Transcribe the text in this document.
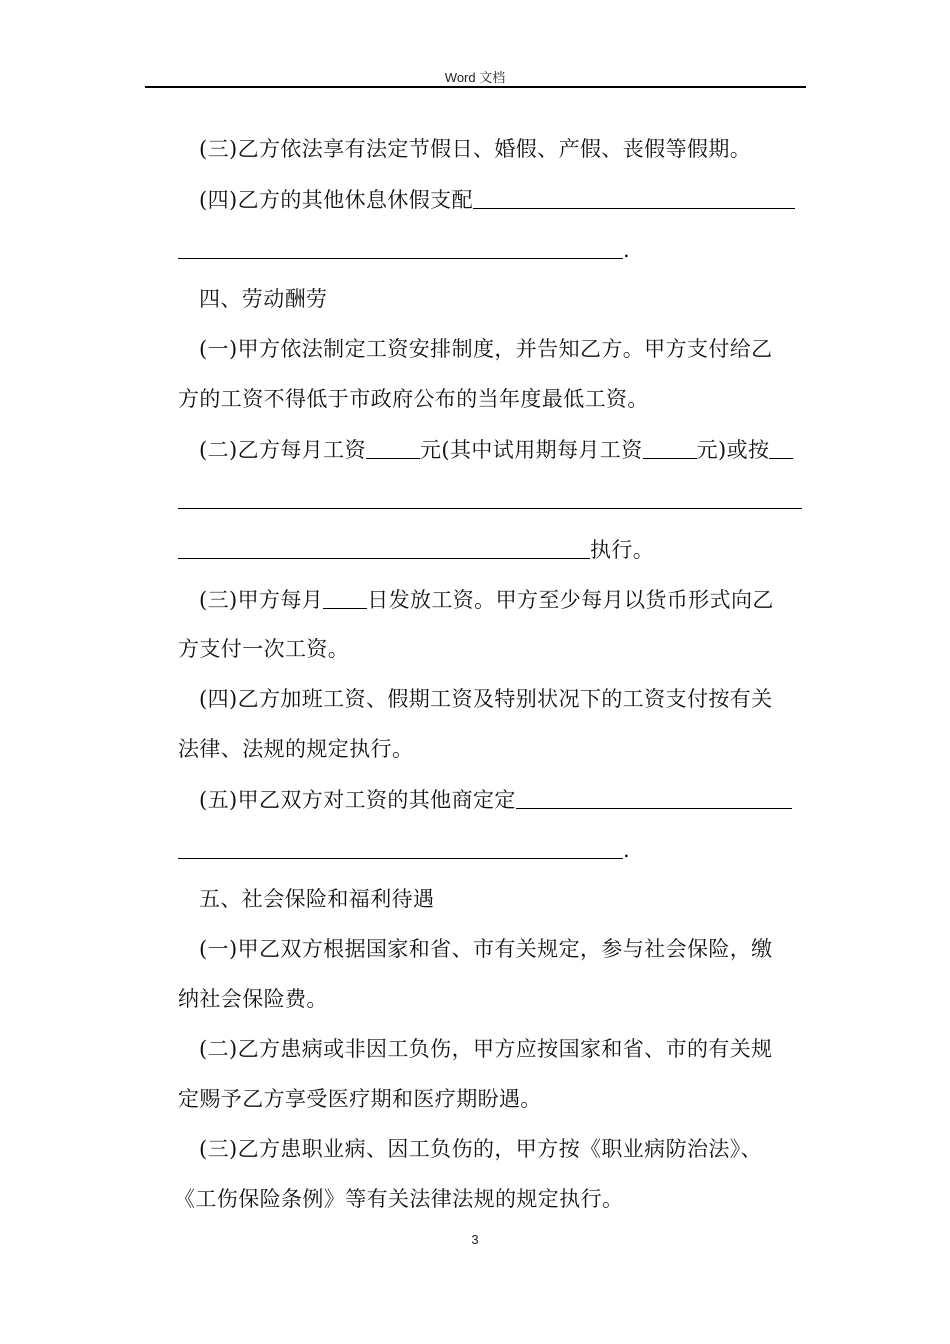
Word 文档
(三)乙方依法享有法定节假日、婚假、产假、丧假等假期。
(四)乙方的其他休息休假支配
.
四、劳动酬劳
(一)甲方依法制定工资安排制度，并告知乙方。甲方支付给乙
方的工资不得低于市政府公布的当年度最低工资。
(二)乙方每月工资	元(其中试用期每月工资	元)或按
执行。
(三)甲方每月 日发放工资。甲方至少每月以货币形式向乙
方支付一次工资。
(四)乙方加班工资、假期工资及特别状况下的工资支付按有关
法律、法规的规定执行。
(五)甲乙双方对工资的其他商定定
.
五、社会保险和福利待遇
(一)甲乙双方根据国家和省、市有关规定，参与社会保险，缴
纳社会保险费。
(二)乙方患病或非因工负伤，甲方应按国家和省、市的有关规
定赐予乙方享受医疗期和医疗期盼遇。
(三)乙方患职业病、因工负伤的，甲方按《职业病防治法》、
《工伤保险条例》等有关法律法规的规定执行。
3
